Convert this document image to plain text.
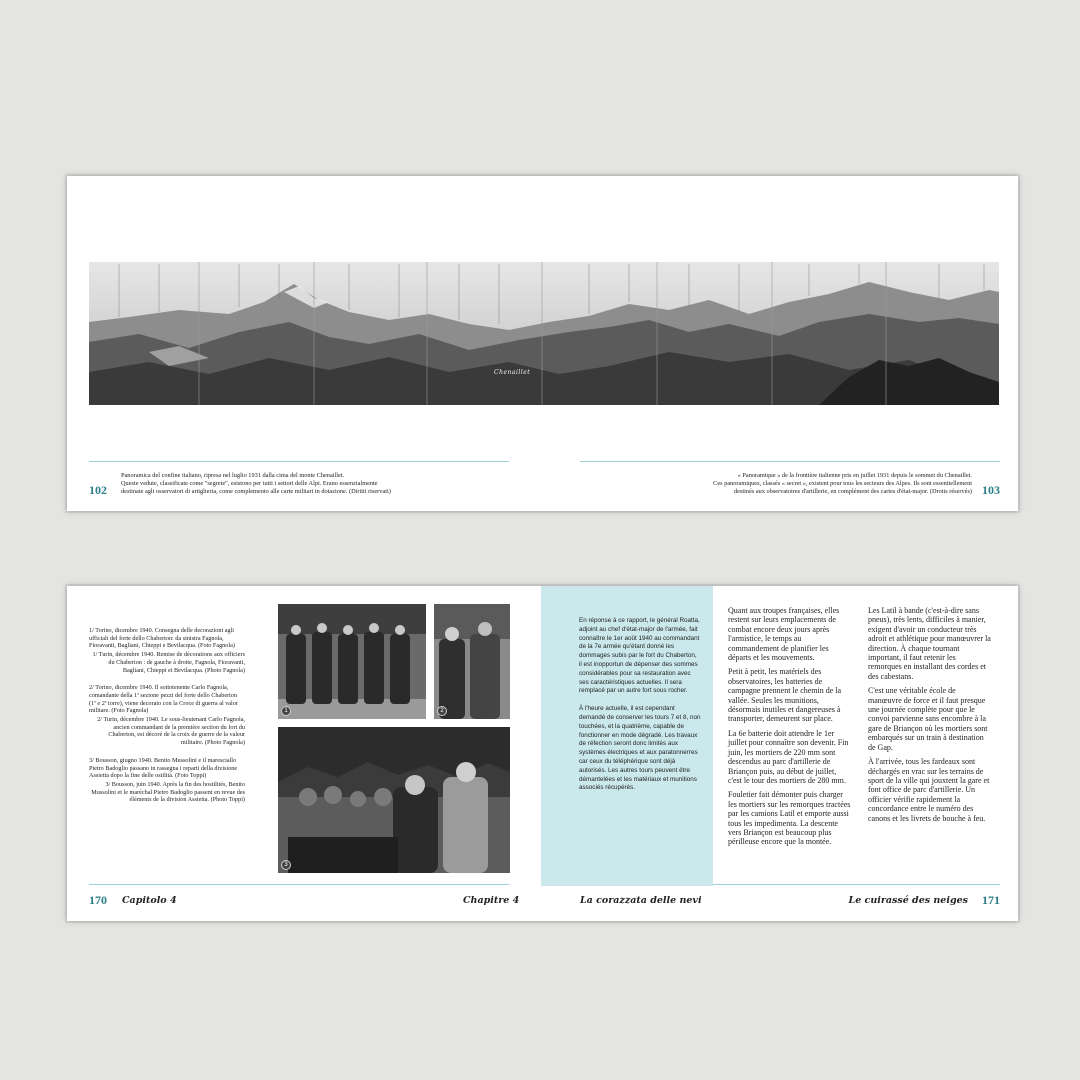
Chenaillet
102
Panoramica del confine italiano, ripresa nel luglio 1931 dalla cima del monte Chenaillet.
Queste vedute, classificate come "segrete", esistono per tutti i settori delle Alpi. Erano essenzialmente
destinate agli osservatori di artiglieria, come complemento alle carte militari in dotazione. (Diritti riservati)
« Panoramique » de la frontière italienne pris en juillet 1931 depuis le sommet du Chenaillet.
Ces panoramiques, classés « secret », existent pour tous les secteurs des Alpes. Ils sont essentiellement
destinés aux observatoires d'artillerie, en complément des cartes d'état-major. (Droits réservés) 103
1/ Torino, dicembre 1940. Consegna delle decorazioni agli ufficiali del forte dello Chaberton: da sinistra Fagnola, Fioravanti, Bagliani, Chieppi e Bevilacqua. (Foto Fagnola)
1/ Turin, décembre 1940. Remise de décorations aux officiers du Chaberton : de gauche à droite, Fagnola, Fioravanti, Bagliani, Chieppi et Bevilacqua. (Photo Fagnola)
2/ Torino, dicembre 1940. Il sottotenente Carlo Fagnola, comandante della 1ª sezione pezzi del forte dello Chaberton (1ª e 2ª torre), viene decorato con la Croce di guerra al valor militare. (Foto Fagnola)
2/ Turin, décembre 1940. Le sous-lieutenant Carlo Fagnola, ancien commandant de la première section du fort du Chaberton, est décoré de la croix de guerre de la valeur militaire. (Photo Fagnola)
3/ Bousson, giugno 1940. Benito Mussolini e il maresciallo Pietro Badoglio passano in rassegna i reparti della divisione Assietta dopo la fine delle ostilità. (Foto Toppi)
3/ Bousson, juin 1940. Après la fin des hostilités, Benito Mussolini et le maréchal Pietro Badoglio passent en revue des éléments de la division Assietta. (Photo Toppi)
1	2
3
170 Capitolo 4	Chapitre 4

En réponse à ce rapport, le général Roatta, adjoint au chef d'état-major de l'armée, fait connaître le 1er août 1940 au commandant de la 7e armée qu'étant donné les dommages subis par le fort du Chaberton, il est inopportun de dépenser des sommes considérables pour sa restauration avec ses caractéristiques actuelles. Il sera remplacé par un autre fort sous rocher.

À l'heure actuelle, il est cependant demandé de conserver les tours 7 et 8, non touchées, et la quatrième, capable de fonctionner en mode dégradé. Les travaux de réfection seront donc limités aux systèmes électriques et aux paratonnerres car ceux du téléphérique sont déjà autorisés. Les autres tours peuvent être démantelées et les matériaux et munitions associés récupérés.

Quant aux troupes françaises, elles restent sur leurs emplacements de combat encore deux jours après l'armistice, le temps au commandement de planifier les départs et les mouvements.

Petit à petit, les matériels des observatoires, les batteries de campagne prennent le chemin de la vallée. Seules les munitions, désormais inutiles et dangereuses à transporter, demeurent sur place.

La 6e batterie doit attendre le 1er juillet pour connaître son devenir. Fin juin, les mortiers de 220 mm sont descendus au parc d'artillerie de Briançon puis, au début de juillet, c'est le tour des mortiers de 280 mm.

Fouletier fait démonter puis charger les mortiers sur les remorques tractées par les camions Latil et emporte aussi tous les impedimenta. La descente vers Briançon est beaucoup plus périlleuse encore que la montée.

Les Latil à bande (c'est-à-dire sans pneus), très lents, difficiles à manier, exigent d'avoir un conducteur très adroit et athlétique pour manœuvrer la direction. À chaque tournant important, il faut retenir les remorques en installant des cordes et des cabestans.

C'est une véritable école de manœuvre de force et il faut presque une journée complète pour que le convoi parvienne sans encombre à la gare de Briançon où les mortiers sont embarqués sur un train à destination de Gap.

À l'arrivée, tous les fardeaux sont déchargés en vrac sur les terrains de sport de la ville qui jouxtent la gare et font office de parc d'artillerie. Un officier vérifie rapidement la concordance entre le numéro des canons et les livrets de bouche à feu.

La corazzata delle nevi	Le cuirassé des neiges 171
